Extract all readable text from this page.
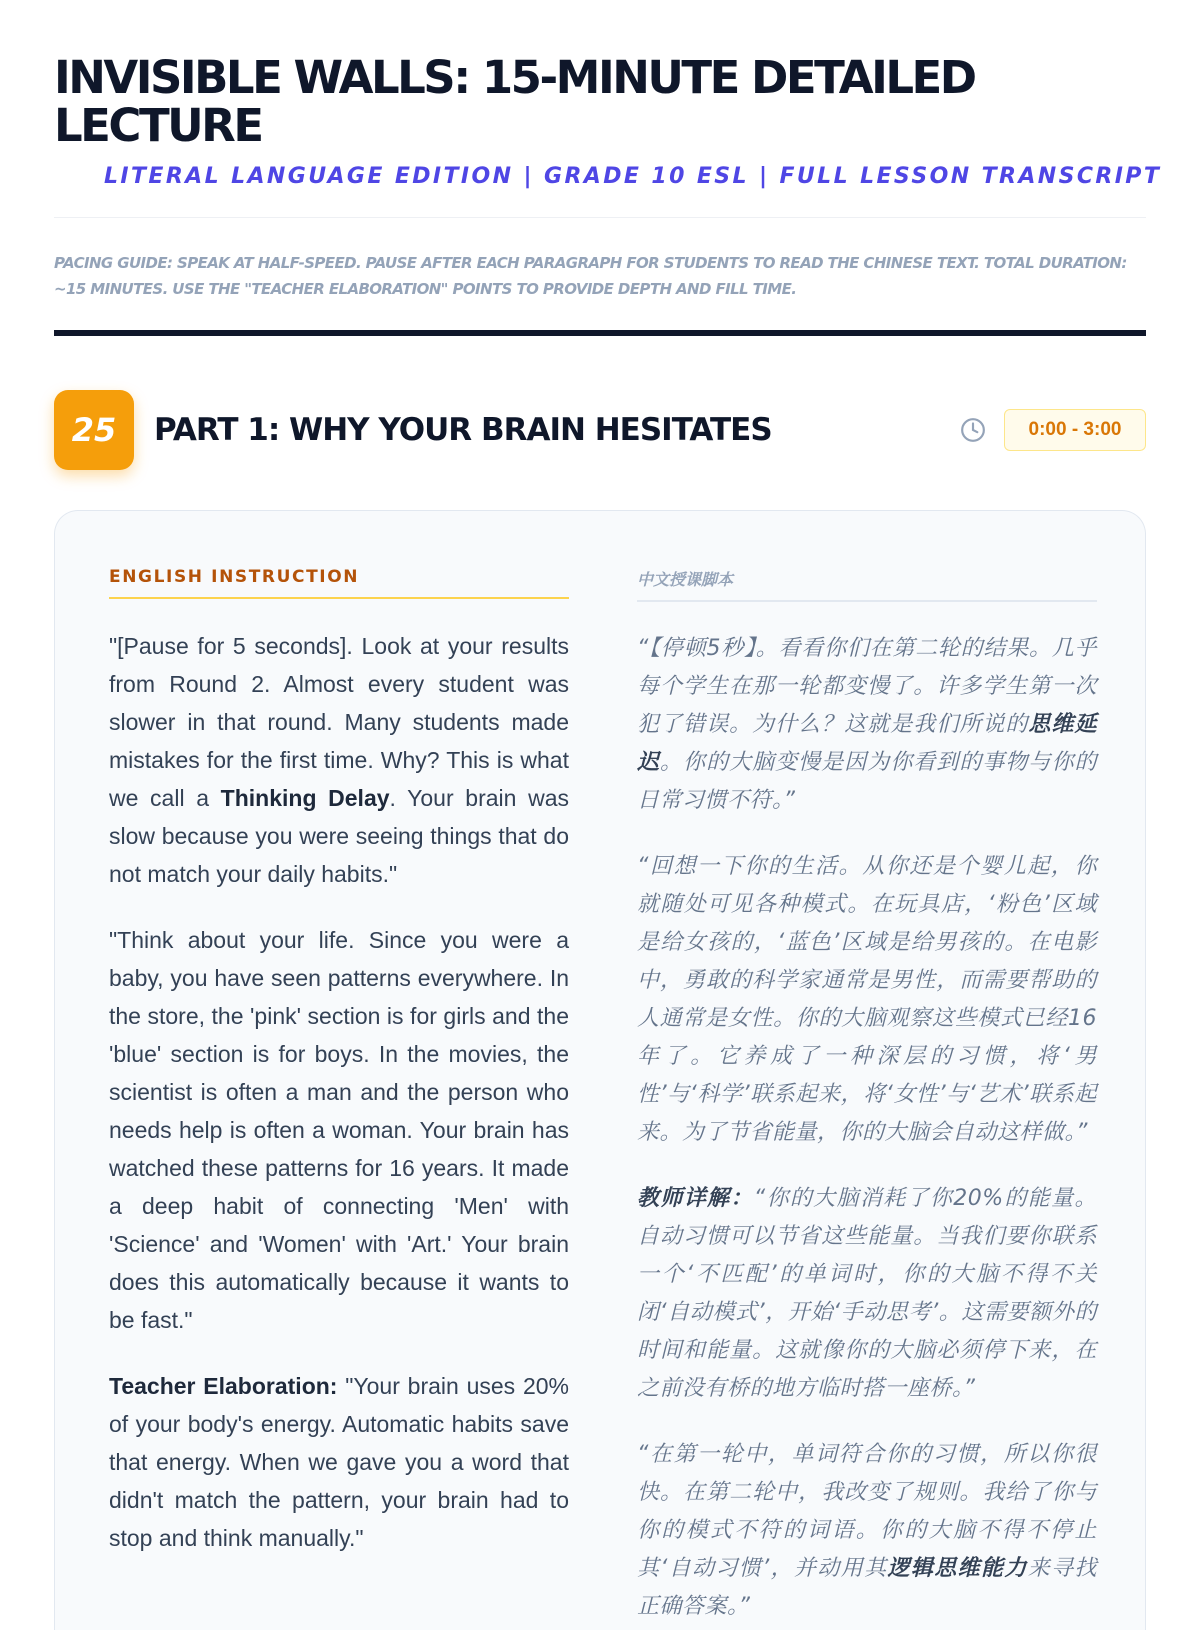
INVISIBLE WALLS: 15-MINUTE DETAILED LECTURE
LITERAL LANGUAGE EDITION | GRADE 10 ESL | FULL LESSON TRANSCRIPT

PACING GUIDE: SPEAK AT HALF-SPEED. PAUSE AFTER EACH PARAGRAPH FOR STUDENTS TO READ THE CHINESE TEXT. TOTAL DURATION: ~15 MINUTES. USE THE "TEACHER ELABORATION" POINTS TO PROVIDE DEPTH AND FILL TIME.

25	PART 1: WHY YOUR BRAIN HESITATES	0:00 - 3:00
ENGLISH INSTRUCTION

"[Pause for 5 seconds]. Look at your results from Round 2. Almost every student was slower in that round. Many students made mistakes for the first time. Why? This is what we call a Thinking Delay. Your brain was slow because you were seeing things that do not match your daily habits."

"Think about your life. Since you were a baby, you have seen patterns everywhere. In the store, the 'pink' section is for girls and the 'blue' section is for boys. In the movies, the scientist is often a man and the person who needs help is often a woman. Your brain has watched these patterns for 16 years. It made a deep habit of connecting 'Men' with 'Science' and 'Women' with 'Art.' Your brain does this automatically because it wants to be fast."

Teacher Elaboration: "Your brain uses 20% of your body's energy. Automatic habits save that energy. When we gave you a word that didn't match the pattern, your brain had to stop and think manually."

中文授课脚本

“【停顿5秒】。看看你们在第二轮的结果。几乎每个学生在那一轮都变慢了。许多学生第一次犯了错误。为什么？这就是我们所说的思维延迟。你的大脑变慢是因为你看到的事物与你的日常习惯不符。”

“回想一下你的生活。从你还是个婴儿起，你就随处可见各种模式。在玩具店，‘粉色’区域是给女孩的，‘蓝色’区域是给男孩的。在电影中，勇敢的科学家通常是男性，而需要帮助的人通常是女性。你的大脑观察这些模式已经16年了。它养成了一种深层的习惯，将‘男性’与‘科学’联系起来，将‘女性’与‘艺术’联系起来。为了节省能量，你的大脑会自动这样做。”

教师详解：“你的大脑消耗了你20%的能量。自动习惯可以节省这些能量。当我们要你联系一个‘不匹配’的单词时，你的大脑不得不关闭‘自动模式’，开始‘手动思考’。这需要额外的时间和能量。这就像你的大脑必须停下来，在之前没有桥的地方临时搭一座桥。”

“在第一轮中，单词符合你的习惯，所以你很快。在第二轮中，我改变了规则。我给了你与你的模式不符的词语。你的大脑不得不停止其‘自动习惯’，并动用其逻辑思维能力来寻找正确答案。”
